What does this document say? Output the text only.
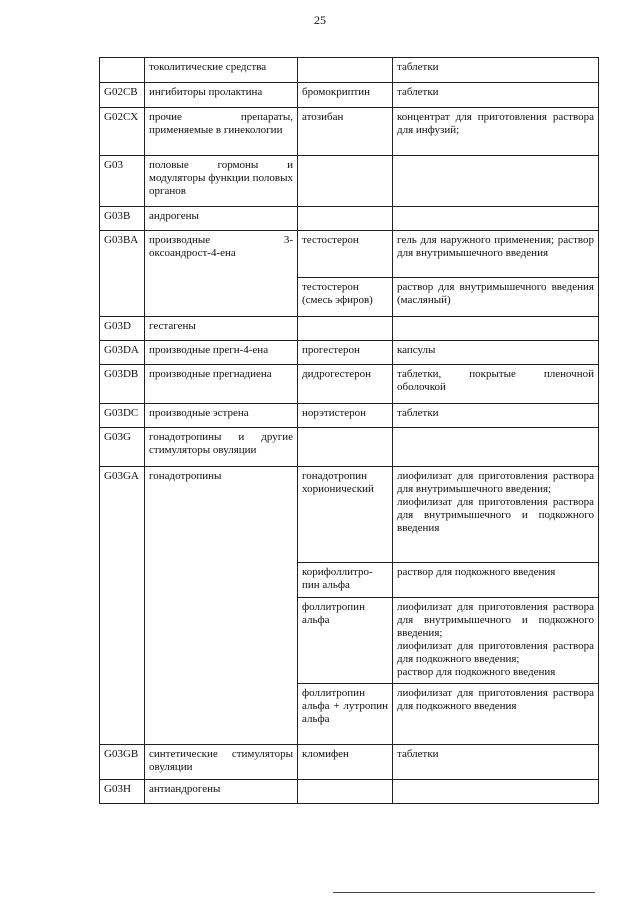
25
	токолитические средства		таблетки
G02CB	ингибиторы пролактина	бромокриптин	таблетки
G02CX	прочие препараты, применяемые в гинекологии	атозибан	концентрат для приготовления раствора для инфузий;
G03	половые гормоны и модуляторы функции половых органов		
G03B	андрогены		
G03BA	производные 3-оксоандрост-4-ена	тестостерон	гель для наружного применения; раствор для внутримышечного введения
		тестостерон (смесь эфиров)	раствор для внутримышечного введения (масляный)
G03D	гестагены		
G03DA	производные прегн-4-ена	прогестерон	капсулы
G03DB	производные прегнадиена	дидрогестерон	таблетки, покрытые пленочной оболочкой
G03DC	производные эстрена	норэтистерон	таблетки
G03G	гонадотропины и другие стимуляторы овуляции		
G03GA	гонадотропины	гонадотропин хорионический	лиофилизат для приготовления раствора для внутримышечного введения;
лиофилизат для приготовления раствора для внутримышечного и подкожного введения
		корифоллитро-пин альфа	раствор для подкожного введения
		фоллитропин альфа	лиофилизат для приготовления раствора для внутримышечного и подкожного введения;
лиофилизат для приготовления раствора для подкожного введения;
раствор для подкожного введения
		фоллитропин альфа + лутропин альфа	лиофилизат для приготовления раствора для подкожного введения
G03GB	синтетические стимуляторы овуляции	кломифен	таблетки
G03H	антиандрогены		
